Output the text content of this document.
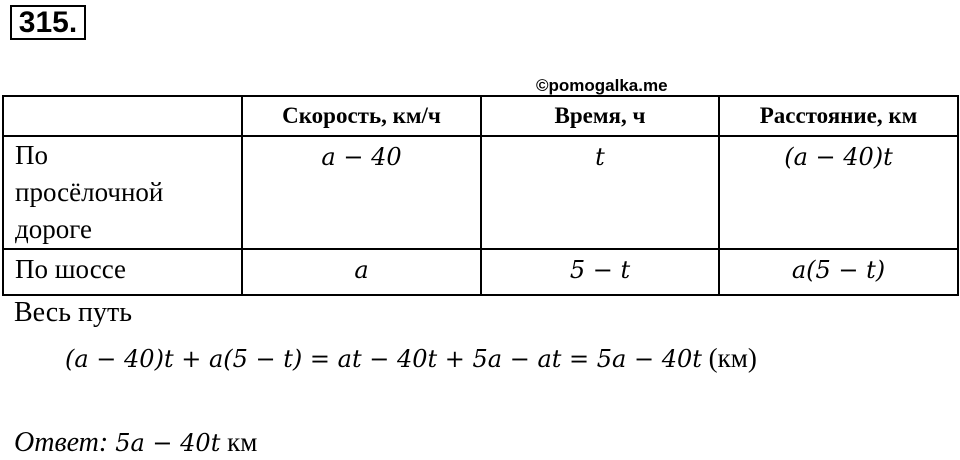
315.
©pomogalka.me
	Скорость, км/ч	Время, ч	Расстояние, км

По
просёлочной
дороге	a − 40	t	(a − 40)t

По шоссе	a	5 − t	a(5 − t)
Весь путь
(a − 40)t + a(5 − t) = at − 40t + 5a − at = 5a − 40t (км)
Ответ: 5a − 40t км
